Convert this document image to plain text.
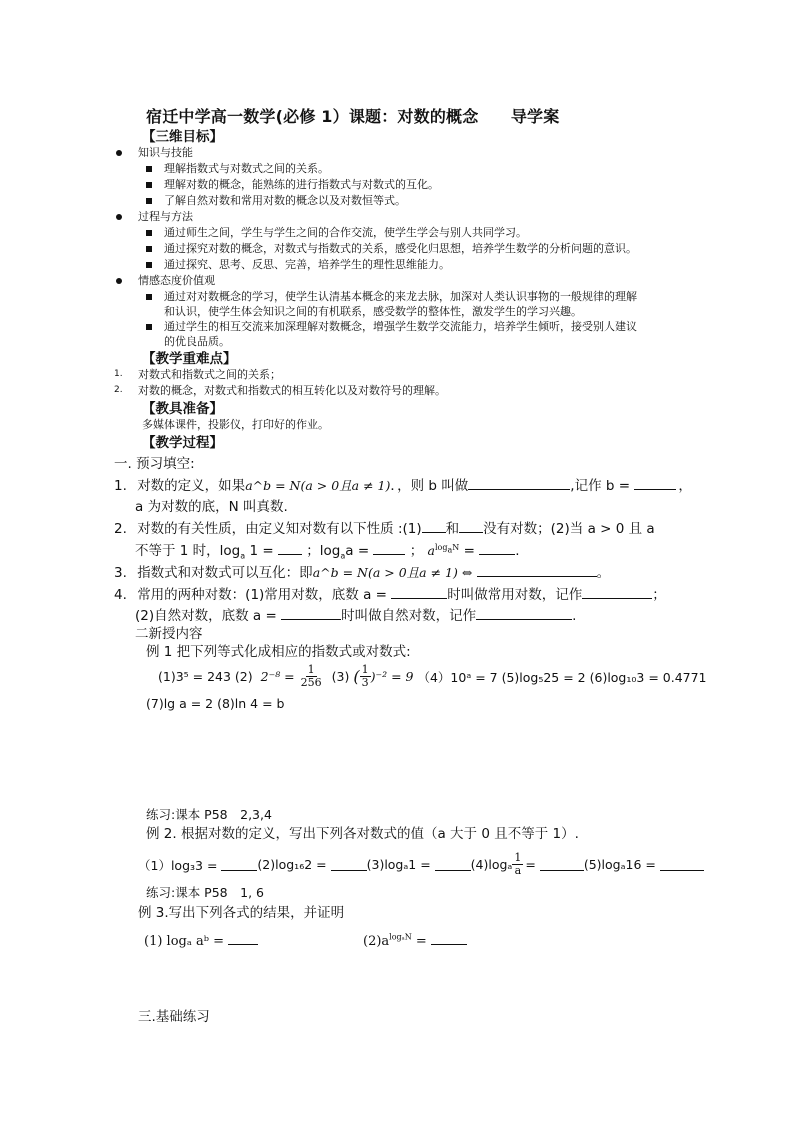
宿迁中学高一数学(必修 1）课题：对数的概念　　导学案
【三维目标】
知识与技能
理解指数式与对数式之间的关系。
理解对数的概念，能熟练的进行指数式与对数式的互化。
了解自然对数和常用对数的概念以及对数恒等式。
过程与方法
通过师生之间，学生与学生之间的合作交流，使学生学会与别人共同学习。
通过探究对数的概念，对数式与指数式的关系，感受化归思想，培养学生数学的分析问题的意识。
通过探究、思考、反思、完善，培养学生的理性思维能力。
情感态度价值观
通过对对数概念的学习，使学生认清基本概念的来龙去脉，加深对人类认识事物的一般规律的理解
和认识，使学生体会知识之间的有机联系，感受数学的整体性，激发学生的学习兴趣。
通过学生的相互交流来加深理解对数概念，增强学生数学交流能力，培养学生倾听，接受别人建议
的优良品质。
【教学重难点】
1. 对数式和指数式之间的关系；
2. 对数的概念，对数式和指数式的相互转化以及对数符号的理解。
【教具准备】
多媒体课件，投影仪，打印好的作业。
【教学过程】
一. 预习填空:
1. 对数的定义，如果a^b = N(a > 0且a ≠ 1)．，则 b 叫做	,记作 b =	，
a 为对数的底，N 叫真数.
2. 对数的有关性质，由定义知对数有以下性质 :(1) 和 没有对数；(2)当 a > 0 且 a
不等于 1 时，$\log_a 1$ = ；$\log_aa$ =	； $a^{log_aN}$ =	.
3. 指数式和对数式可以互化：即a^b = N(a > 0且a ≠ 1) ⇔	。
4. 常用的两种对数：(1)常用对数，底数 a =	时叫做常用对数，记作	；
(2)自然对数，底数 a =	时叫做自然对数，记作	.
二新授内容
例 1 把下列等式化成相应的指数式或对数式:
(1)3⁵ = 243 (2) $2^{-8} = \frac{1}{256} (3)$ ( $\frac{1}{3} )^{-2} = 9$ （4）10ᵃ = 7 (5)log₅25 = 2 (6)log₁₀3 = 0.4771
(7)lg a = 2 (8)ln 4 = b
练习:课本 P58　2,3,4
例 2. 根据对数的定义，写出下列各对数式的值（a 大于 0 且不等于 1）.
（1）log₃3 =	(2)log₁₆2 =	(3)logₐ1 =	$(4)\log_a \frac{1}{a}$ =	(5)logₐ16 =
练习:课本 P58　1, 6
例 3.写出下列各式的结果，并证明
(1) logₐ aᵇ =	$(2)a^{log_aN}$ =
三.基础练习
